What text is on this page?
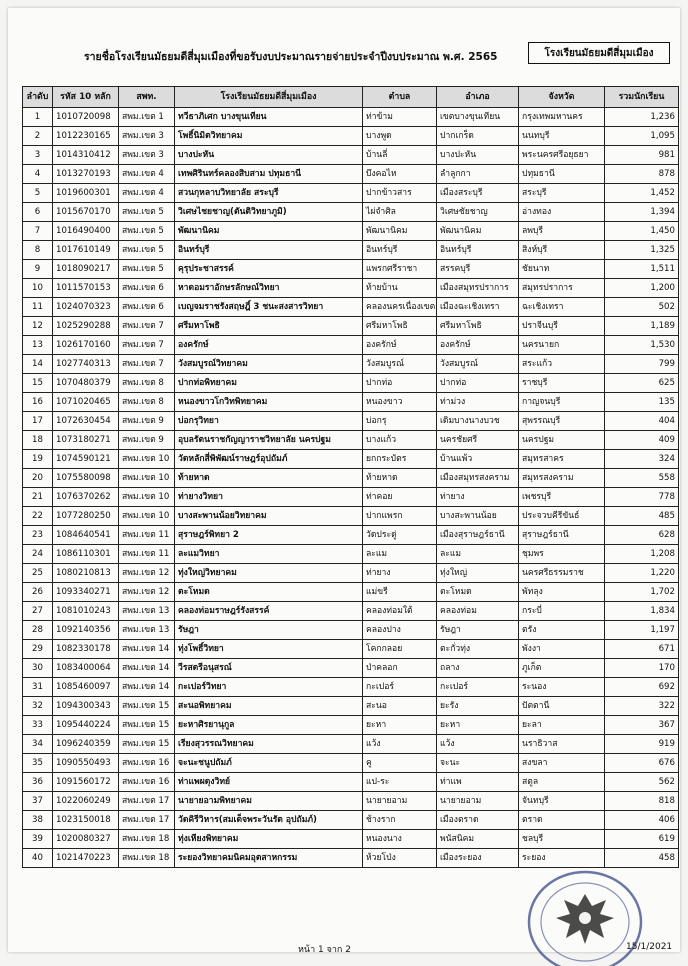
รายชื่อโรงเรียนมัธยมดีสี่มุมเมืองที่ขอรับงบประมาณรายจ่ายประจำปีงบประมาณ พ.ศ. 2565	โรงเรียนมัธยมดีสี่มุมเมือง
ลำดับ	รหัส 10 หลัก	สพท.	โรงเรียนมัธยมดีสี่มุมเมือง	ตำบล	อำเภอ	จังหวัด	รวมนักเรียน
1	1010720098	สพม.เขต 1	ทวีธาภิเศก บางขุนเทียน	ท่าข้าม	เขตบางขุนเทียน	กรุงเทพมหานคร	1,236
2	1012230165	สพม.เขต 3	โพธิ์นิมิตวิทยาคม	บางพูด	ปากเกร็ด	นนทบุรี	1,095
3	1014310412	สพม.เขต 3	บางปะหัน	บ้านลี่	บางปะหัน	พระนครศรีอยุธยา	981
4	1013270193	สพม.เขต 4	เทพศิรินทร์คลองสิบสาม ปทุมธานี	บึงคอไห	ลำลูกกา	ปทุมธานี	878
5	1019600301	สพม.เขต 4	สวนกุหลาบวิทยาลัย สระบุรี	ปากข้าวสาร	เมืองสระบุรี	สระบุรี	1,452
6	1015670170	สพม.เขต 5	วิเศษไชยชาญ(ตันติวิทยาภูมิ)	ไผ่จำศิล	วิเศษชัยชาญ	อ่างทอง	1,394
7	1016490400	สพม.เขต 5	พัฒนานิคม	พัฒนานิคม	พัฒนานิคม	ลพบุรี	1,450
8	1017610149	สพม.เขต 5	อินทร์บุรี	อินทร์บุรี	อินทร์บุรี	สิงห์บุรี	1,325
9	1018090217	สพม.เขต 5	คุรุประชาสรรค์	แพรกศรีราชา	สรรคบุรี	ชัยนาท	1,511
10	1011570153	สพม.เขต 6	หาดอมราอักษรลักษณ์วิทยา	ท้ายบ้าน	เมืองสมุทรปราการ	สมุทรปราการ	1,200
11	1024070323	สพม.เขต 6	เบญจมราชรังสฤษฎิ์ 3 ชนะสงสารวิทยา	คลองนครเนื่องเขต	เมืองฉะเชิงเทรา	ฉะเชิงเทรา	502
12	1025290288	สพม.เขต 7	ศรีมหาโพธิ	ศรีมหาโพธิ	ศรีมหาโพธิ	ปราจีนบุรี	1,189
13	1026170160	สพม.เขต 7	องครักษ์	องครักษ์	องครักษ์	นครนายก	1,530
14	1027740313	สพม.เขต 7	วังสมบูรณ์วิทยาคม	วังสมบูรณ์	วังสมบูรณ์	สระแก้ว	799
15	1070480379	สพม.เขต 8	ปากท่อพิทยาคม	ปากท่อ	ปากท่อ	ราชบุรี	625
16	1071020465	สพม.เขต 8	หนองขาวโกวิทพิทยาคม	หนองขาว	ท่าม่วง	กาญจนบุรี	135
17	1072630454	สพม.เขต 9	บ่อกรุวิทยา	บ่อกรุ	เดิมบางนางบวช	สุพรรณบุรี	404
18	1073180271	สพม.เขต 9	อุบลรัตนราชกัญญาราชวิทยาลัย นครปฐม	บางแก้ว	นครชัยศรี	นครปฐม	409
19	1074590121	สพม.เขต 10	วัดหลักสี่พิพัฒน์ราษฎร์อุปถัมภ์	ยกกระบัตร	บ้านแพ้ว	สมุทรสาคร	324
20	1075580098	สพม.เขต 10	ท้ายหาด	ท้ายหาด	เมืองสมุทรสงคราม	สมุทรสงคราม	558
21	1076370262	สพม.เขต 10	ท่ายางวิทยา	ท่าคอย	ท่ายาง	เพชรบุรี	778
22	1077280250	สพม.เขต 10	บางสะพานน้อยวิทยาคม	ปากแพรก	บางสะพานน้อย	ประจวบคีรีขันธ์	485
23	1084640541	สพม.เขต 11	สุราษฎร์พิทยา 2	วัดประดู่	เมืองสุราษฎร์ธานี	สุราษฎร์ธานี	628
24	1086110301	สพม.เขต 11	ละแมวิทยา	ละแม	ละแม	ชุมพร	1,208
25	1080210813	สพม.เขต 12	ทุ่งใหญ่วิทยาคม	ท่ายาง	ทุ่งใหญ่	นครศรีธรรมราช	1,220
26	1093340271	สพม.เขต 12	ตะโหมด	แม่ขรี	ตะโหมด	พัทลุง	1,702
27	1081010243	สพม.เขต 13	คลองท่อมราษฎร์รังสรรค์	คลองท่อมใต้	คลองท่อม	กระบี่	1,834
28	1092140356	สพม.เขต 13	รัษฎา	คลองปาง	รัษฎา	ตรัง	1,197
29	1082330178	สพม.เขต 14	ทุ่งโพธิ์วิทยา	โคกกลอย	ตะกั่วทุ่ง	พังงา	671
30	1083400064	สพม.เขต 14	วีรสตรีอนุสรณ์	ป่าคลอก	ถลาง	ภูเก็ต	170
31	1085460097	สพม.เขต 14	กะเปอร์วิทยา	กะเปอร์	กะเปอร์	ระนอง	692
32	1094300343	สพม.เขต 15	สะนอพิทยาคม	สะนอ	ยะรัง	ปัตตานี	322
33	1095440224	สพม.เขต 15	ยะหาศิรยานุกูล	ยะหา	ยะหา	ยะลา	367
34	1096240359	สพม.เขต 15	เรียงสุวรรณวิทยาคม	แว้ง	แว้ง	นราธิวาส	919
35	1090550493	สพม.เขต 16	จะนะชนูปถัมภ์	คู	จะนะ	สงขลา	676
36	1091560172	สพม.เขต 16	ท่าแพผดุงวิทย์	แป-ระ	ท่าแพ	สตูล	562
37	1022060249	สพม.เขต 17	นายายอามพิทยาคม	นายายอาม	นายายอาม	จันทบุรี	818
38	1023150018	สพม.เขต 17	วัดคิรีวิหาร(สมเด็จพระวันรัต อุปถัมภ์)	ช้างราก	เมืองตราด	ตราด	406
39	1020080327	สพม.เขต 18	ทุ่งเหียงพิทยาคม	หนองนาง	พนัสนิคม	ชลบุรี	619
40	1021470223	สพม.เขต 18	ระยองวิทยาคมนิคมอุตสาหกรรม	ห้วยโป่ง	เมืองระยอง	ระยอง	458
หน้า 1 จาก 2	15/1/2021
